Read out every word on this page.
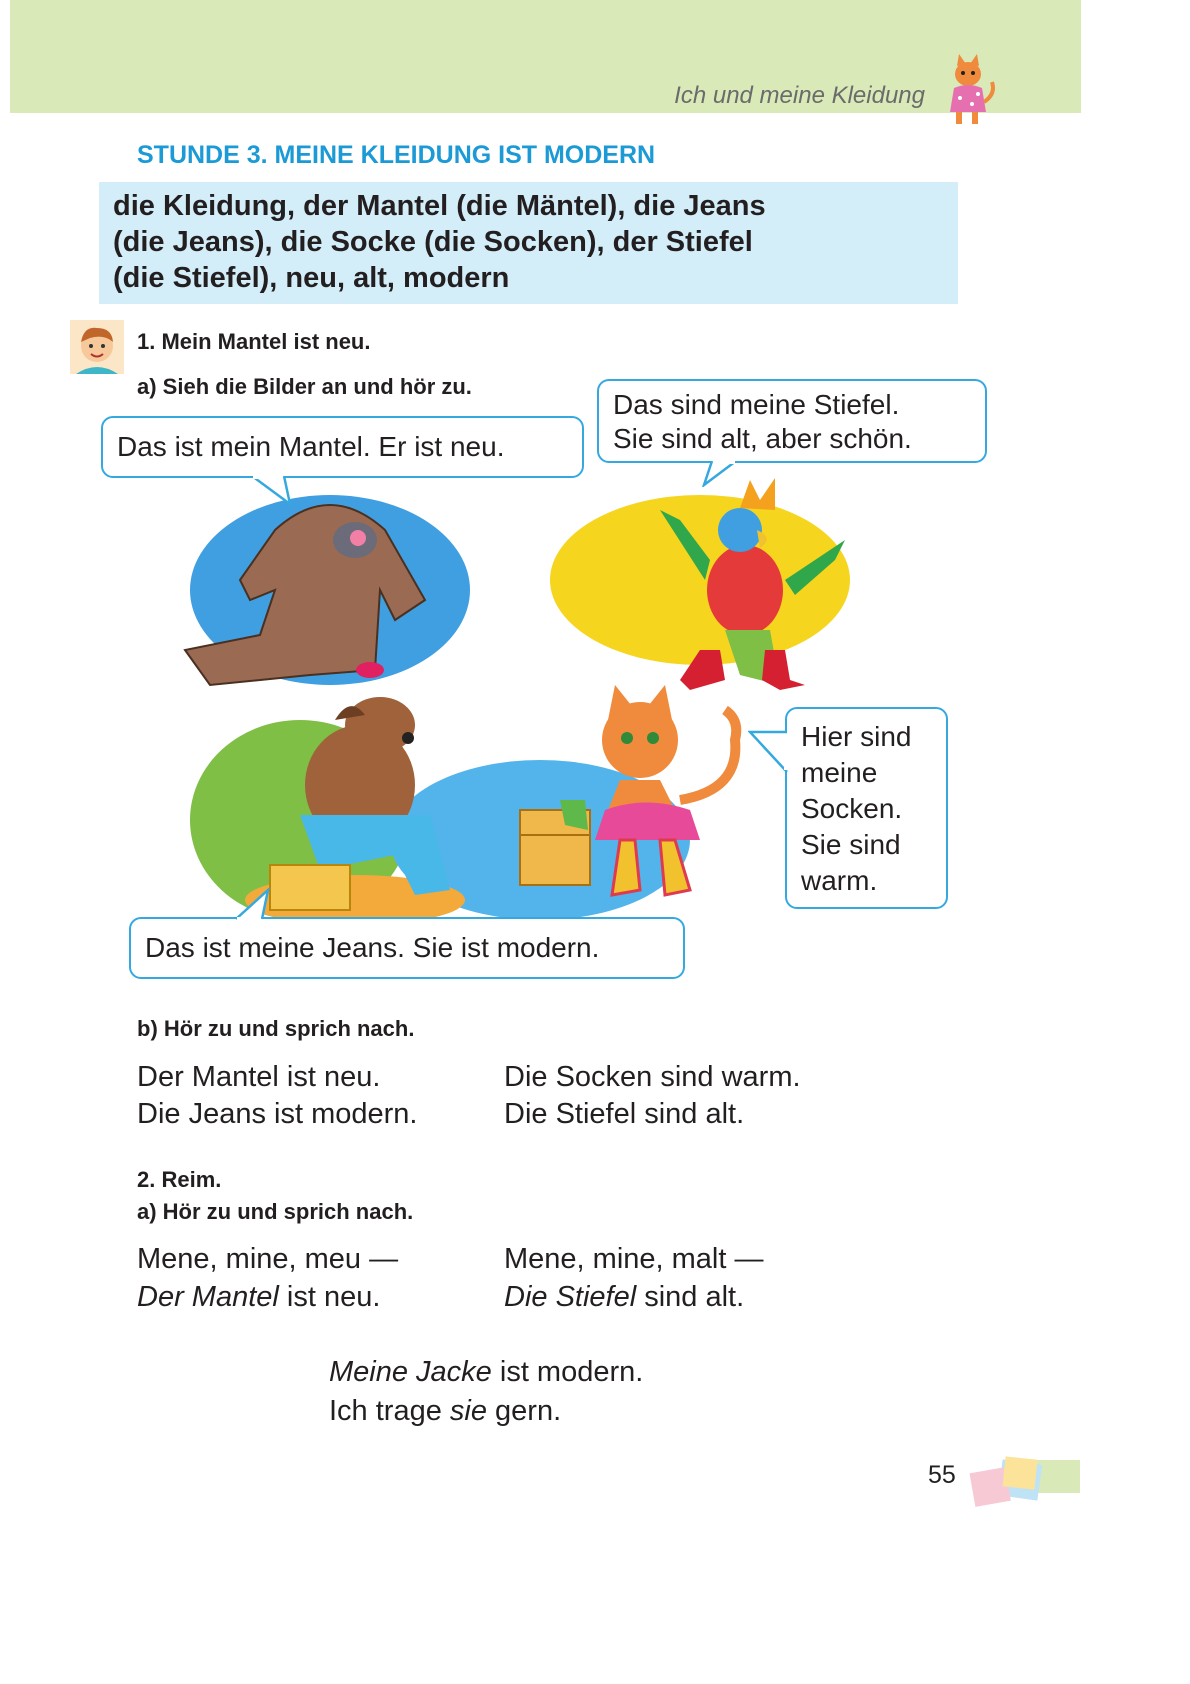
Ich und meine Kleidung
STUNDE 3. MEINE KLEIDUNG IST MODERN
die Kleidung, der Mantel (die Mäntel), die Jeans
(die Jeans), die Socke (die Socken), der Stiefel
(die Stiefel), neu, alt, modern
1. Mein Mantel ist neu.
a) Sieh die Bilder an und hör zu.
Das ist mein Mantel. Er ist neu.
Das sind meine Stiefel.
Sie sind alt, aber schön.
Hier sind
meine
Socken.
Sie sind
warm.
Das ist meine Jeans. Sie ist modern.
b) Hör zu und sprich nach.
Der Mantel ist neu.
Die Jeans ist modern.
Die Socken sind warm.
Die Stiefel sind alt.
2. Reim.
a) Hör zu und sprich nach.
Mene, mine, meu —
Der Mantel ist neu.
Mene, mine, malt —
Die Stiefel sind alt.
Meine Jacke ist modern.
Ich trage sie gern.
55
